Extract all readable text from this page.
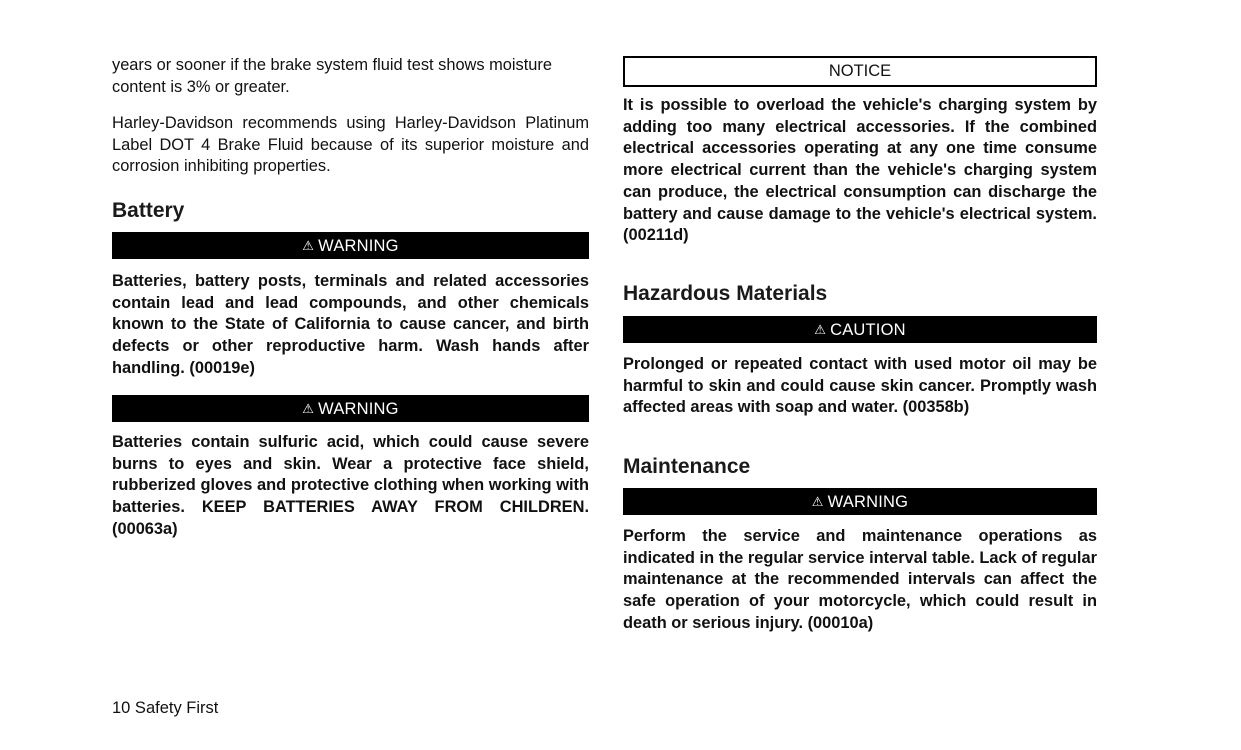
years or sooner if the brake system fluid test shows moisture content is 3% or greater.

Harley-Davidson recommends using Harley-Davidson Platinum Label DOT 4 Brake Fluid because of its superior moisture and corrosion inhibiting properties.

Battery
⚠ WARNING

Batteries, battery posts, terminals and related accessories contain lead and lead compounds, and other chemicals known to the State of California to cause cancer, and birth defects or other reproductive harm. Wash hands after handling. (00019e)

⚠ WARNING

Batteries contain sulfuric acid, which could cause severe burns to eyes and skin. Wear a protective face shield, rubberized gloves and protective clothing when working with batteries. KEEP BATTERIES AWAY FROM CHILDREN. (00063a)

NOTICE

It is possible to overload the vehicle's charging system by adding too many electrical accessories. If the combined electrical accessories operating at any one time consume more electrical current than the vehicle's charging system can produce, the electrical consumption can discharge the battery and cause damage to the vehicle's electrical system. (00211d)

Hazardous Materials
⚠ CAUTION

Prolonged or repeated contact with used motor oil may be harmful to skin and could cause skin cancer. Promptly wash affected areas with soap and water. (00358b)

Maintenance
⚠ WARNING

Perform the service and maintenance operations as indicated in the regular service interval table. Lack of regular maintenance at the recommended intervals can affect the safe operation of your motorcycle, which could result in death or serious injury. (00010a)

10 Safety First
